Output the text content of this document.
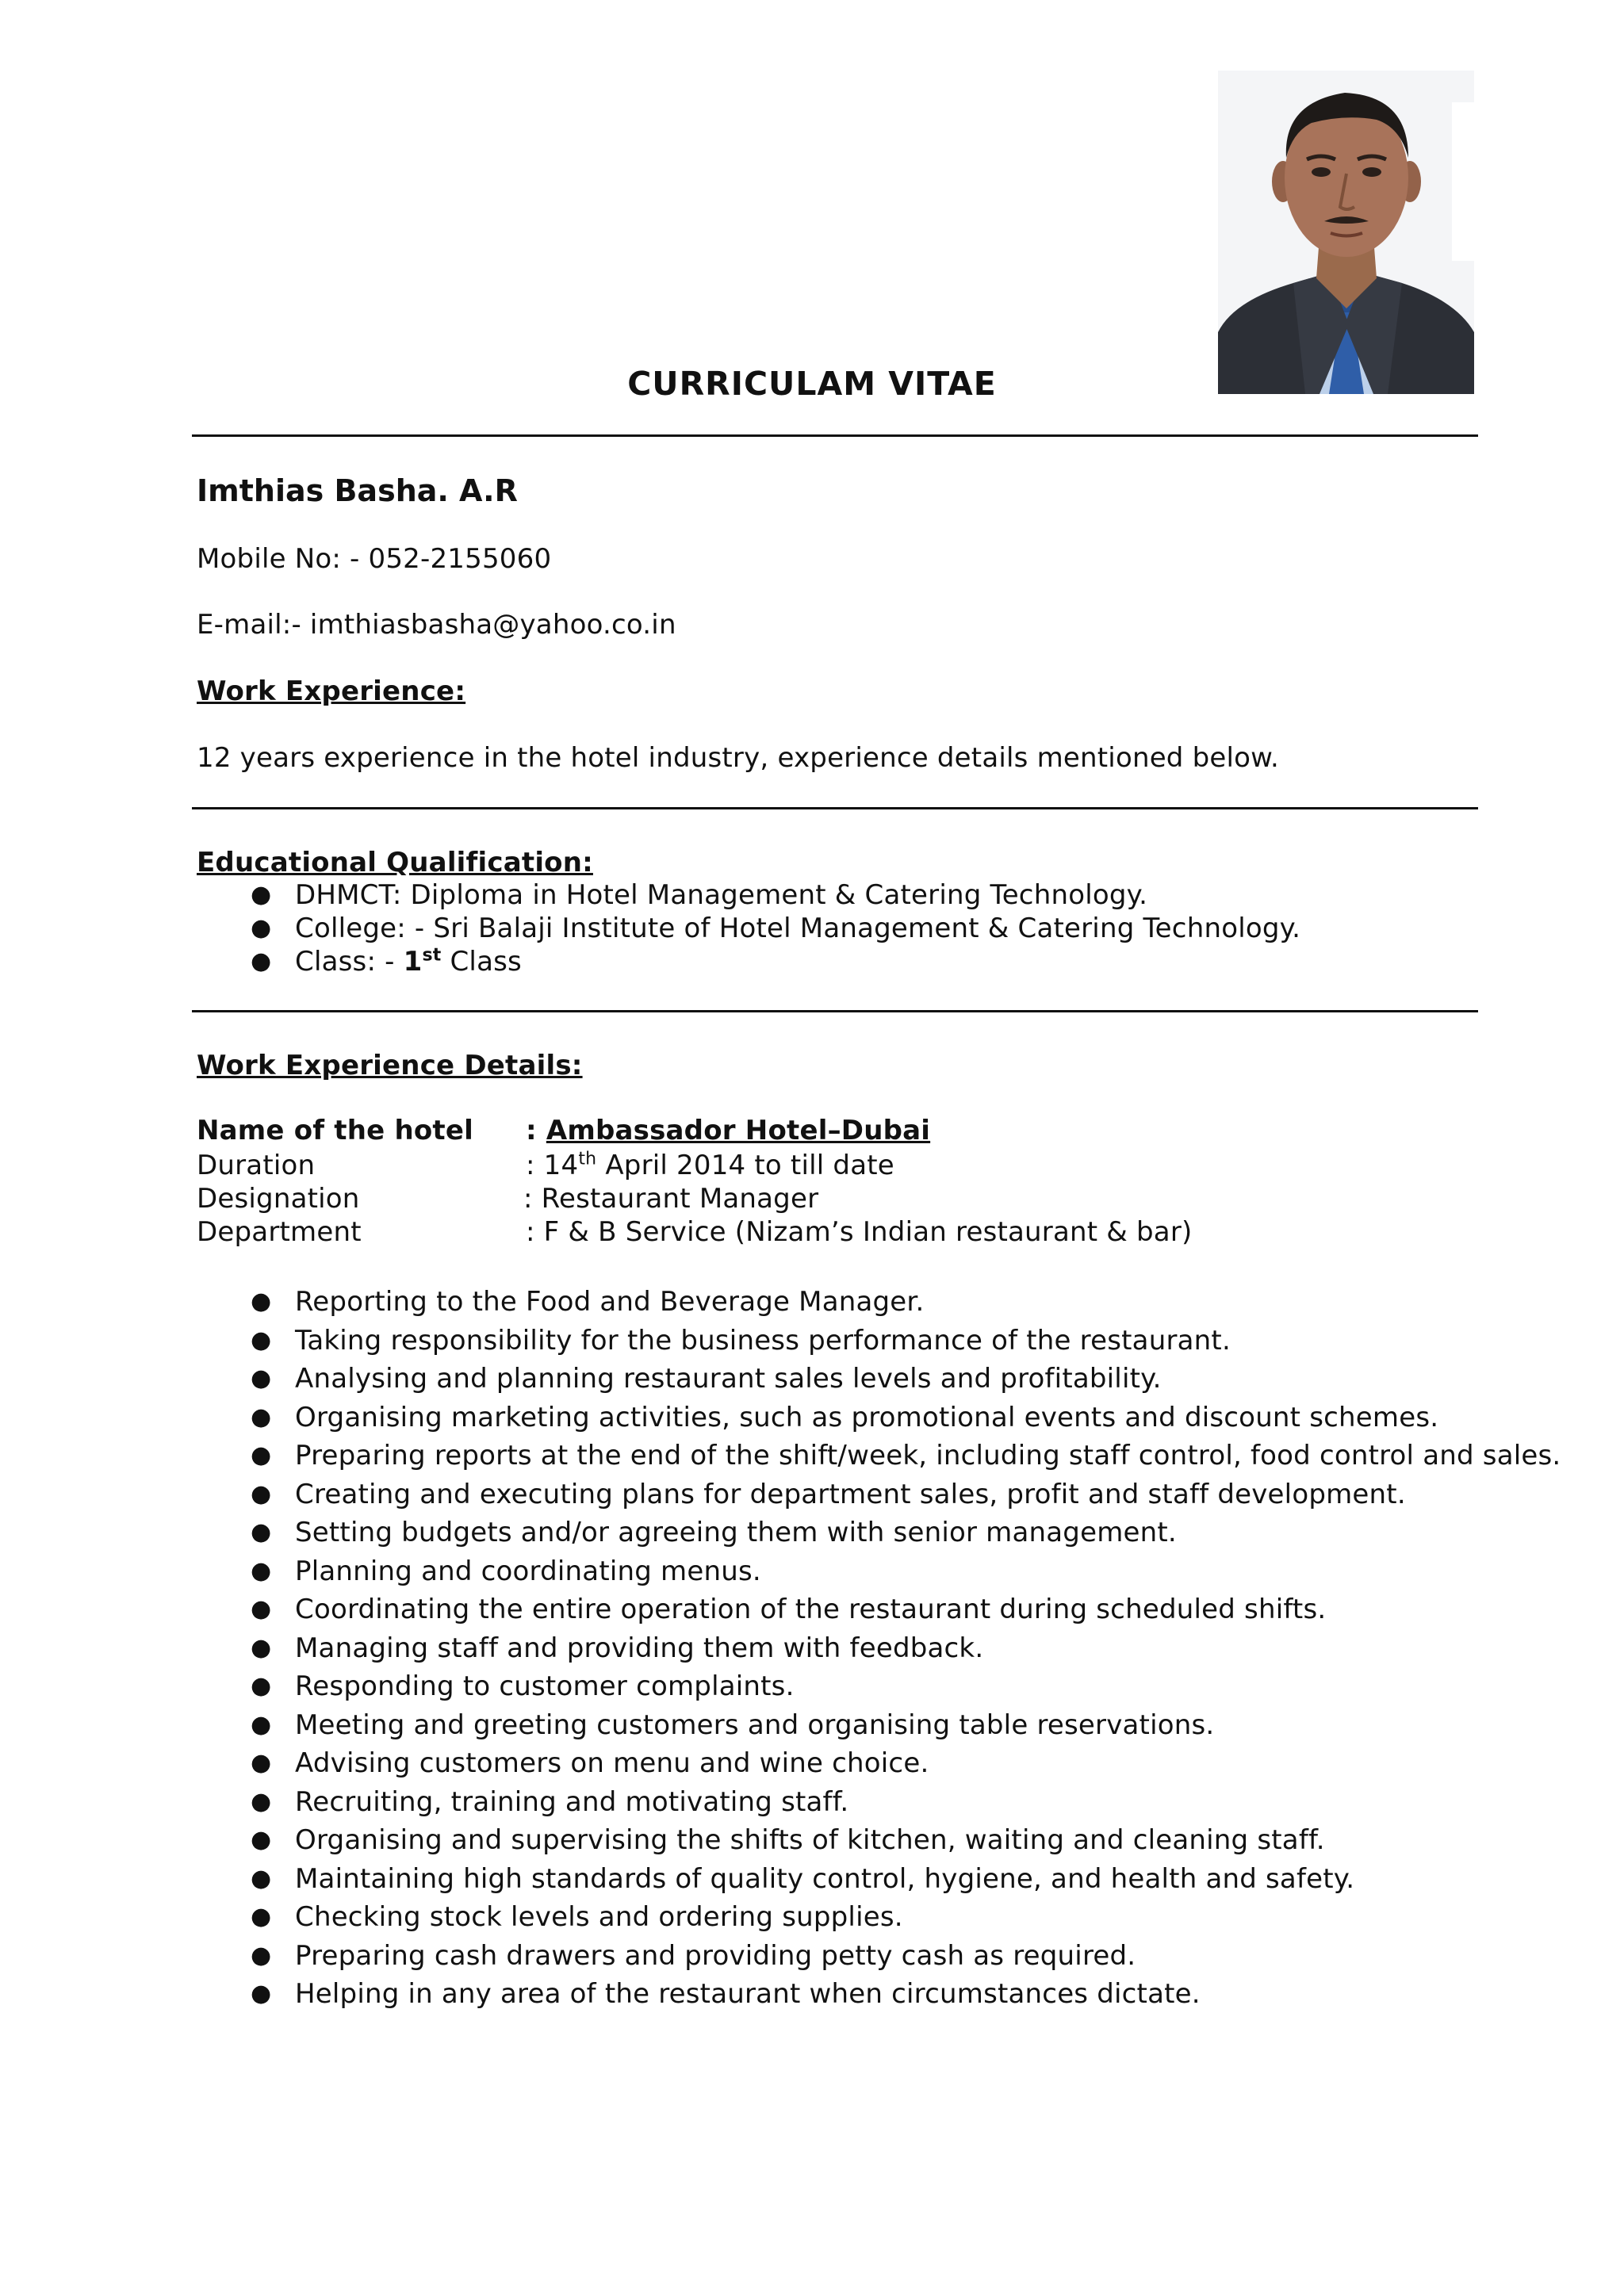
CURRICULAM VITAE
Imthias Basha. A.R
Mobile No: - 052-2155060
E-mail:- imthiasbasha@yahoo.co.in
Work Experience:
12 years experience in the hotel industry, experience details mentioned below.
Educational Qualification:
● DHMCT: Diploma in Hotel Management & Catering Technology.
● College: - Sri Balaji Institute of Hotel Management & Catering Technology.
● Class: - 1st Class
Work Experience Details:
Name of the hotel : Ambassador Hotel–Dubai
Duration	: 14th April 2014 to till date
Designation	: Restaurant Manager
Department	: F & B Service (Nizam’s Indian restaurant & bar)
● Reporting to the Food and Beverage Manager.
● Taking responsibility for the business performance of the restaurant.
● Analysing and planning restaurant sales levels and profitability.
● Organising marketing activities, such as promotional events and discount schemes.
● Preparing reports at the end of the shift/week, including staff control, food control and sales.
● Creating and executing plans for department sales, profit and staff development.
● Setting budgets and/or agreeing them with senior management.
● Planning and coordinating menus.
● Coordinating the entire operation of the restaurant during scheduled shifts.
● Managing staff and providing them with feedback.
● Responding to customer complaints.
● Meeting and greeting customers and organising table reservations.
● Advising customers on menu and wine choice.
● Recruiting, training and motivating staff.
● Organising and supervising the shifts of kitchen, waiting and cleaning staff.
● Maintaining high standards of quality control, hygiene, and health and safety.
● Checking stock levels and ordering supplies.
● Preparing cash drawers and providing petty cash as required.
● Helping in any area of the restaurant when circumstances dictate.
